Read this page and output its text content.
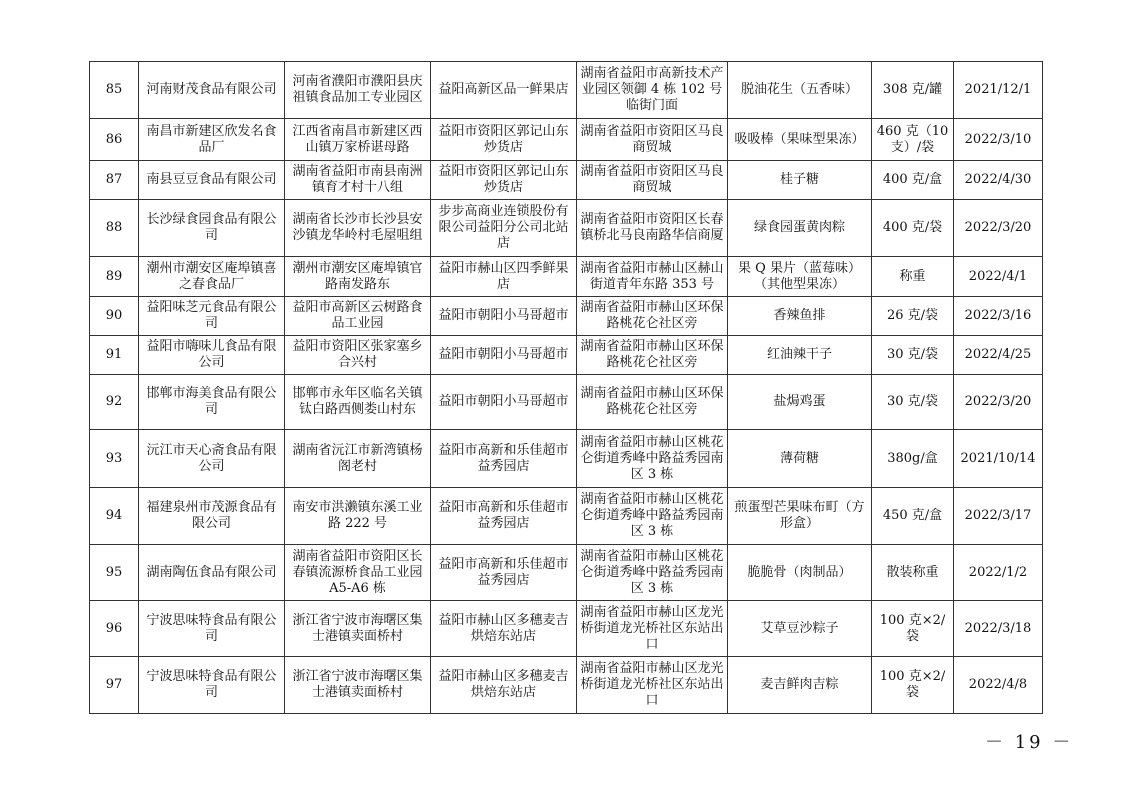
85	河南财茂食品有限公司	河南省濮阳市濮阳县庆祖镇食品加工专业园区	益阳高新区品一鲜果店	湖南省益阳市高新技术产业园区领御 4 栋 102 号临街门面	脱油花生（五香味）	308 克/罐	2021/12/1
86	南昌市新建区欣发名食品厂	江西省南昌市新建区西山镇万家桥谌母路	益阳市资阳区郭记山东炒货店	湖南省益阳市资阳区马良商贸城	吸吸棒（果味型果冻）	460 克（10 支）/袋	2022/3/10
87	南县豆豆食品有限公司	湖南省益阳市南县南洲镇育才村十八组	益阳市资阳区郭记山东炒货店	湖南省益阳市资阳区马良商贸城	桂子糖	400 克/盒	2022/4/30
88	长沙绿食园食品有限公司	湖南省长沙市长沙县安沙镇龙华岭村毛屋咀组	步步高商业连锁股份有限公司益阳分公司北站店	湖南省益阳市资阳区长春镇桥北马良南路华信商厦	绿食园蛋黄肉粽	400 克/袋	2022/3/20
89	潮州市潮安区庵埠镇喜之春食品厂	潮州市潮安区庵埠镇官路南发路东	益阳市赫山区四季鲜果店	湖南省益阳市赫山区赫山街道青年东路 353 号	果 Q 果片（蓝莓味）（其他型果冻）	称重	2022/4/1
90	益阳味芝元食品有限公司	益阳市高新区云树路食品工业园	益阳市朝阳小马哥超市	湖南省益阳市赫山区环保路桃花仑社区旁	香辣鱼排	26 克/袋	2022/3/16
91	益阳市嗨味儿食品有限公司	益阳市资阳区张家塞乡合兴村	益阳市朝阳小马哥超市	湖南省益阳市赫山区环保路桃花仑社区旁	红油辣干子	30 克/袋	2022/4/25
92	邯郸市海美食品有限公司	邯郸市永年区临名关镇钛白路西侧娄山村东	益阳市朝阳小马哥超市	湖南省益阳市赫山区环保路桃花仑社区旁	盐焗鸡蛋	30 克/袋	2022/3/20
93	沅江市天心斋食品有限公司	湖南省沅江市新湾镇杨阁老村	益阳市高新和乐佳超市益秀园店	湖南省益阳市赫山区桃花仑街道秀峰中路益秀园南区 3 栋	薄荷糖	380g/盒	2021/10/14
94	福建泉州市茂源食品有限公司	南安市洪濑镇东溪工业路 222 号	益阳市高新和乐佳超市益秀园店	湖南省益阳市赫山区桃花仑街道秀峰中路益秀园南区 3 栋	煎蛋型芒果味布町（方形盒）	450 克/盒	2022/3/17
95	湖南陶伍食品有限公司	湖南省益阳市资阳区长春镇流源桥食品工业园 A5-A6 栋	益阳市高新和乐佳超市益秀园店	湖南省益阳市赫山区桃花仑街道秀峰中路益秀园南区 3 栋	脆脆骨（肉制品）	散装称重	2022/1/2
96	宁波思味特食品有限公司	浙江省宁波市海曙区集士港镇卖面桥村	益阳市赫山区多穗麦吉烘焙东站店	湖南省益阳市赫山区龙光桥街道龙光桥社区东站出口	艾草豆沙粽子	100 克×2/袋	2022/3/18
97	宁波思味特食品有限公司	浙江省宁波市海曙区集士港镇卖面桥村	益阳市赫山区多穗麦吉烘焙东站店	湖南省益阳市赫山区龙光桥街道龙光桥社区东站出口	麦吉鲜肉吉粽	100 克×2/袋	2022/4/8
－ 19 －
